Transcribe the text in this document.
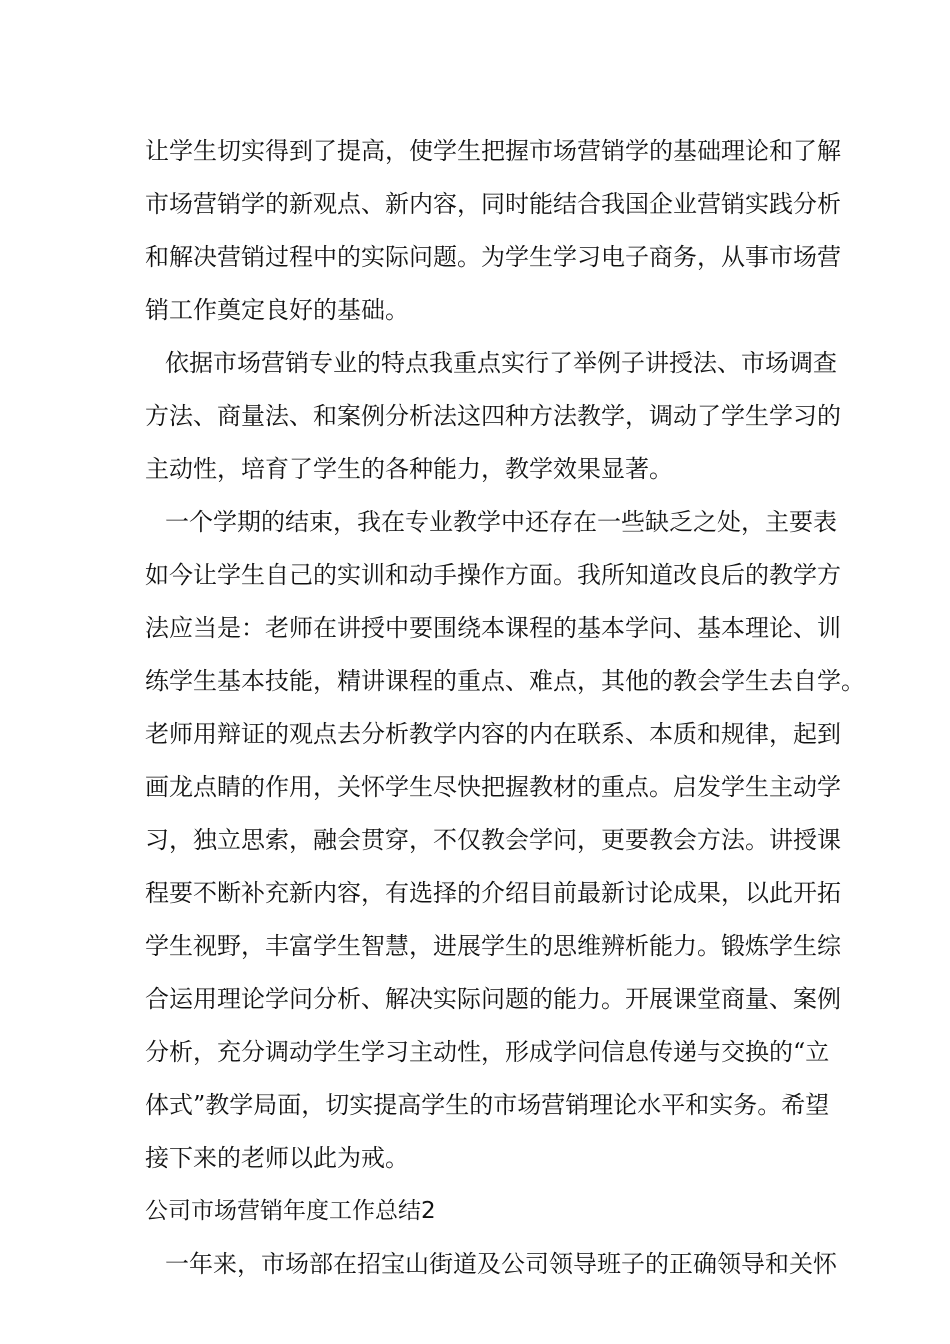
让学生切实得到了提高，使学生把握市场营销学的基础理论和了解
市场营销学的新观点、新内容，同时能结合我国企业营销实践分析
和解决营销过程中的实际问题。为学生学习电子商务，从事市场营
销工作奠定良好的基础。
依据市场营销专业的特点我重点实行了举例子讲授法、市场调查
方法、商量法、和案例分析法这四种方法教学，调动了学生学习的
主动性，培育了学生的各种能力，教学效果显著。
一个学期的结束，我在专业教学中还存在一些缺乏之处，主要表
如今让学生自己的实训和动手操作方面。我所知道改良后的教学方
法应当是：老师在讲授中要围绕本课程的基本学问、基本理论、训
练学生基本技能，精讲课程的重点、难点，其他的教会学生去自学。
老师用辩证的观点去分析教学内容的内在联系、本质和规律，起到
画龙点睛的作用，关怀学生尽快把握教材的重点。启发学生主动学
习，独立思索，融会贯穿，不仅教会学问，更要教会方法。讲授课
程要不断补充新内容，有选择的介绍目前最新讨论成果，以此开拓
学生视野，丰富学生智慧，进展学生的思维辨析能力。锻炼学生综
合运用理论学问分析、解决实际问题的能力。开展课堂商量、案例
分析，充分调动学生学习主动性，形成学问信息传递与交换的“立
体式”教学局面，切实提高学生的市场营销理论水平和实务。希望
接下来的老师以此为戒。
公司市场营销年度工作总结2
一年来，市场部在招宝山街道及公司领导班子的正确领导和关怀
